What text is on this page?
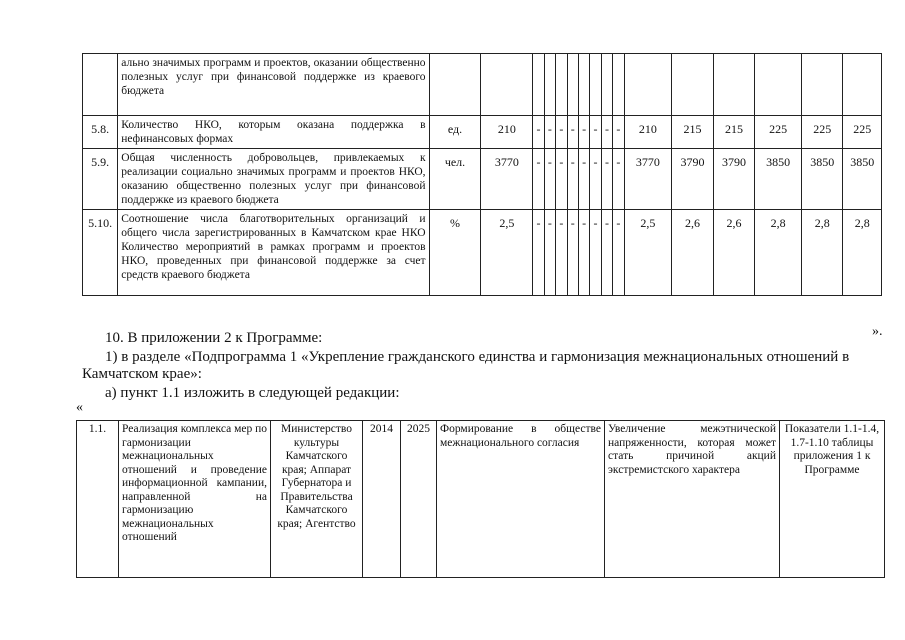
	ально значимых программ и проектов, оказании общественно полезных услуг при финансовой поддержке из краевого бюджета																
5.8.	Количество НКО, которым оказана поддержка в нефинансовых формах	ед.	210	-	-	-	-	-	-	-	-	210	215	215	225	225	225
5.9.	Общая численность добровольцев, привлекаемых к реализации социально значимых программ и проектов НКО, оказанию общественно полезных услуг при финансовой поддержке из краевого бюджета	чел.	3770	-	-	-	-	-	-	-	-	3770	3790	3790	3850	3850	3850
5.10.	Соотношение числа благотворительных организаций и общего числа зарегистрированных в Камчатском крае НКО Количество мероприятий в рамках программ и проектов НКО, проведенных при финансовой поддержке за счет средств краевого бюджета	%	2,5	-	-	-	-	-	-	-	-	2,5	2,6	2,6	2,8	2,8	2,8
».
10. В приложении 2 к Программе:
1) в разделе «Подпрограмма 1 «Укрепление гражданского единства и гармонизация межнациональных отношений в
Камчатском крае»:
а) пункт 1.1 изложить в следующей редакции:
«
1.1.	Реализация комплекса мер по гармонизации межнациональных отношений и проведение информационной кампании, направленной на гармонизацию межнациональных отношений	Министерство культуры Камчатского края; Аппарат Губернатора и Правительства Камчатского края; Агентство	2014	2025	Формирование в обществе межнационального согласия	Увеличение межэтнической напряженности, которая может стать причиной акций экстремистского характера	Показатели 1.1-1.4, 1.7-1.10 таблицы приложения 1 к Программе
